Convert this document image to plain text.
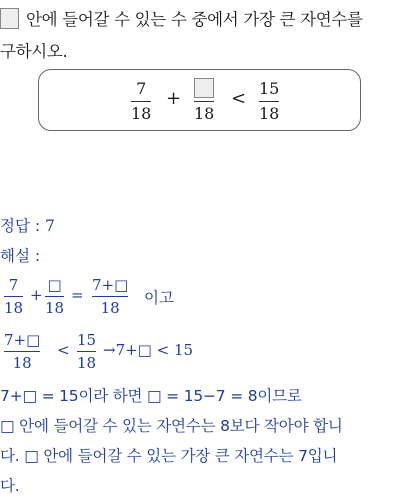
안에 들어갈 수 있는 수 중에서 가장 큰 자연수를
구하시오.
7
18
+
18
< 15
18
정답 : 7
해설 :
7
18
+
□
18
=
7+□
18
이고
7+□
18
<
15
18
→7+□ < 15
7+□ = 15이라 하면 □ = 15−7 = 8이므로
□ 안에 들어갈 수 있는 자연수는 8보다 작아야 합니
다. □ 안에 들어갈 수 있는 가장 큰 자연수는 7입니
다.
